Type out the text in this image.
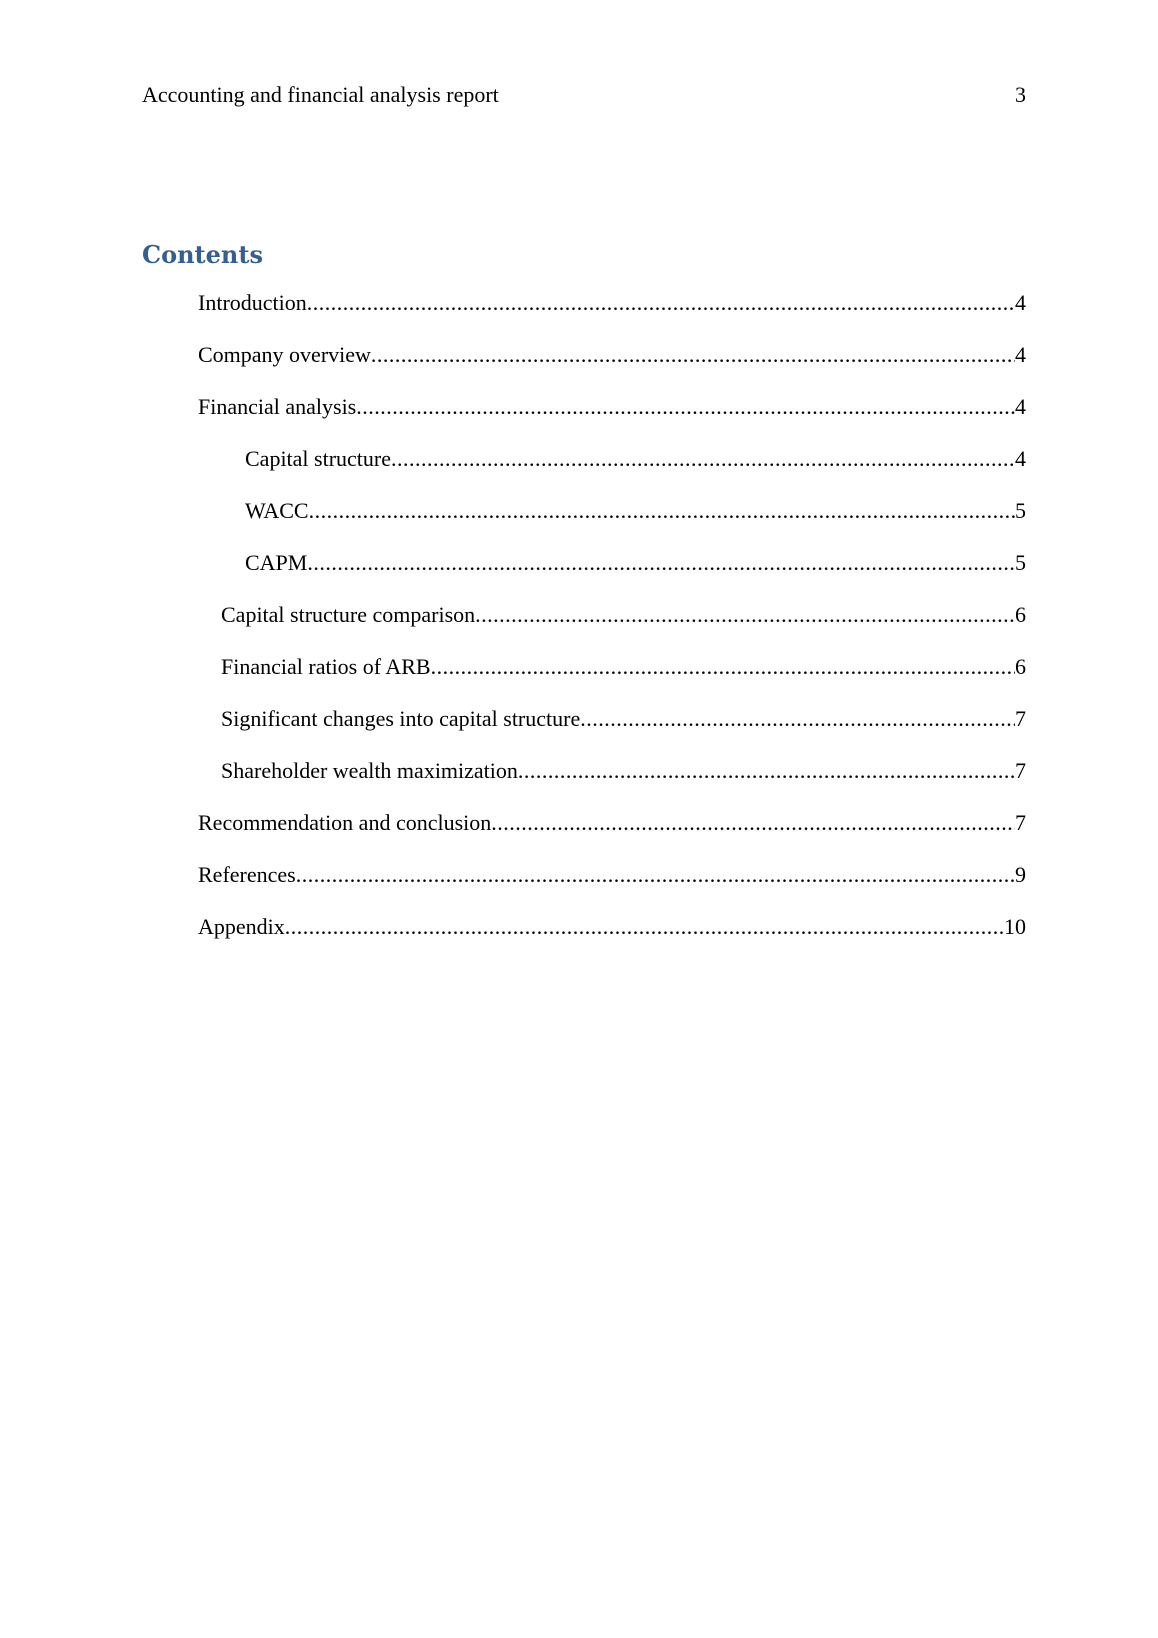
Accounting and financial analysis report	3
Contents
Introduction .....	4
Company overview .....	4
Financial analysis .....	4
Capital structure .....	4
WACC .....	5
CAPM .....	5
Capital structure comparison .....	6
Financial ratios of ARB .....	6
Significant changes into capital structure .....	7
Shareholder wealth maximization .....	7
Recommendation and conclusion .....	7
References .....	9
Appendix .....	10
